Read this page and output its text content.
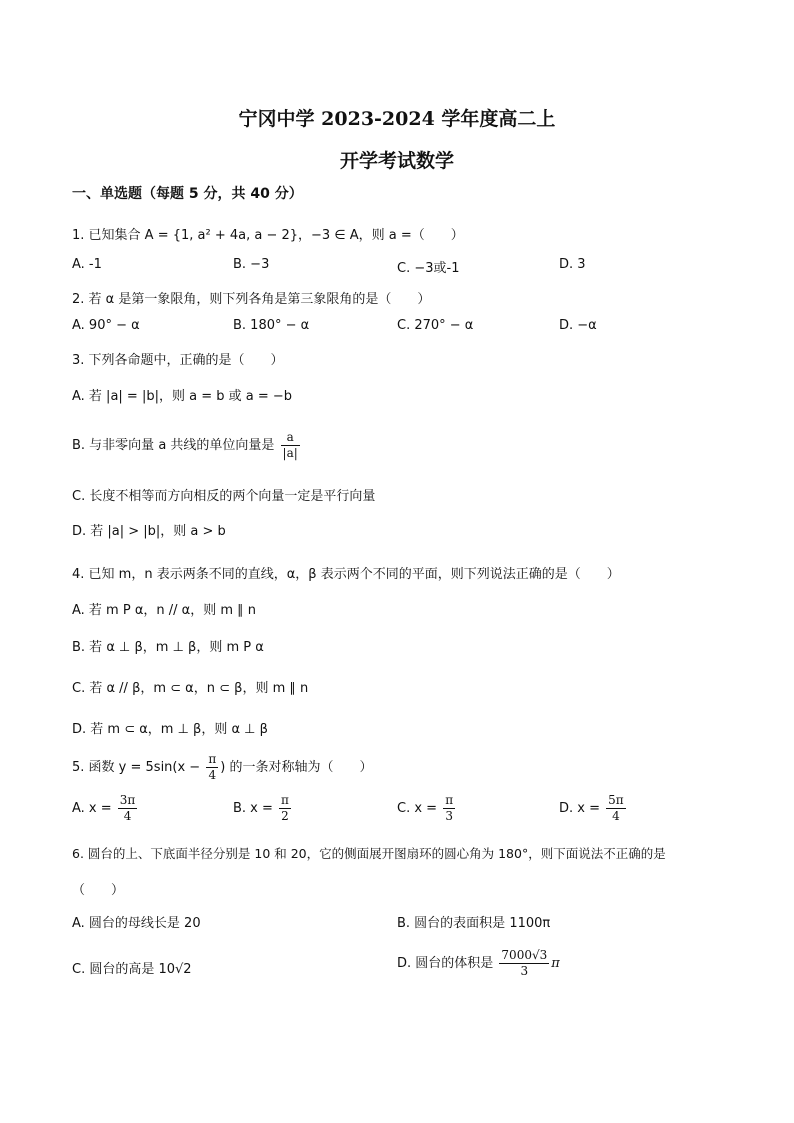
宁冈中学 2023-2024 学年度高二上
开学考试数学
一、单选题（每题 5 分，共 40 分）
1. 已知集合 A = {1, a² + 4a, a − 2}，−3 ∈ A，则 a =（　　）
A. -1	B. −3	C. −3或-1	D. 3
2. 若 α 是第一象限角，则下列各角是第三象限角的是（　　）
A. 90° − α	B. 180° − α	C. 270° − α	D. −α
3. 下列各命题中，正确的是（　　）
A. 若 |a| = |b|，则 a = b 或 a = −b
B. 与非零向量 a 共线的单位向量是 $\frac{a}{|a|}$
C. 长度不相等而方向相反的两个向量一定是平行向量
D. 若 |a| > |b|，则 a > b
4. 已知 m，n 表示两条不同的直线，α，β 表示两个不同的平面，则下列说法正确的是（　　）
A. 若 m P α，n // α，则 m ∥ n
B. 若 α ⊥ β，m ⊥ β，则 m P α
C. 若 α // β，m ⊂ α，n ⊂ β，则 m ∥ n
D. 若 m ⊂ α，m ⊥ β，则 α ⊥ β
5. 函数 $y = 5\sin(x - \frac{\pi}{4}$ ) 的一条对称轴为（　　）
A. $x = \frac{3\pi}{4}$	B. $x = \frac{\pi}{2}$	C. $x = \frac{\pi}{3}$	D. $x = \frac{5\pi}{4}$
6. 圆台的上、下底面半径分别是 10 和 20，它的侧面展开图扇环的圆心角为 180°，则下面说法不正确的是
（　　）
A. 圆台的母线长是 20	B. 圆台的表面积是 1100π
C. 圆台的高是 10√2	D. 圆台的体积是 $\frac{7000√3}{3}$ π
